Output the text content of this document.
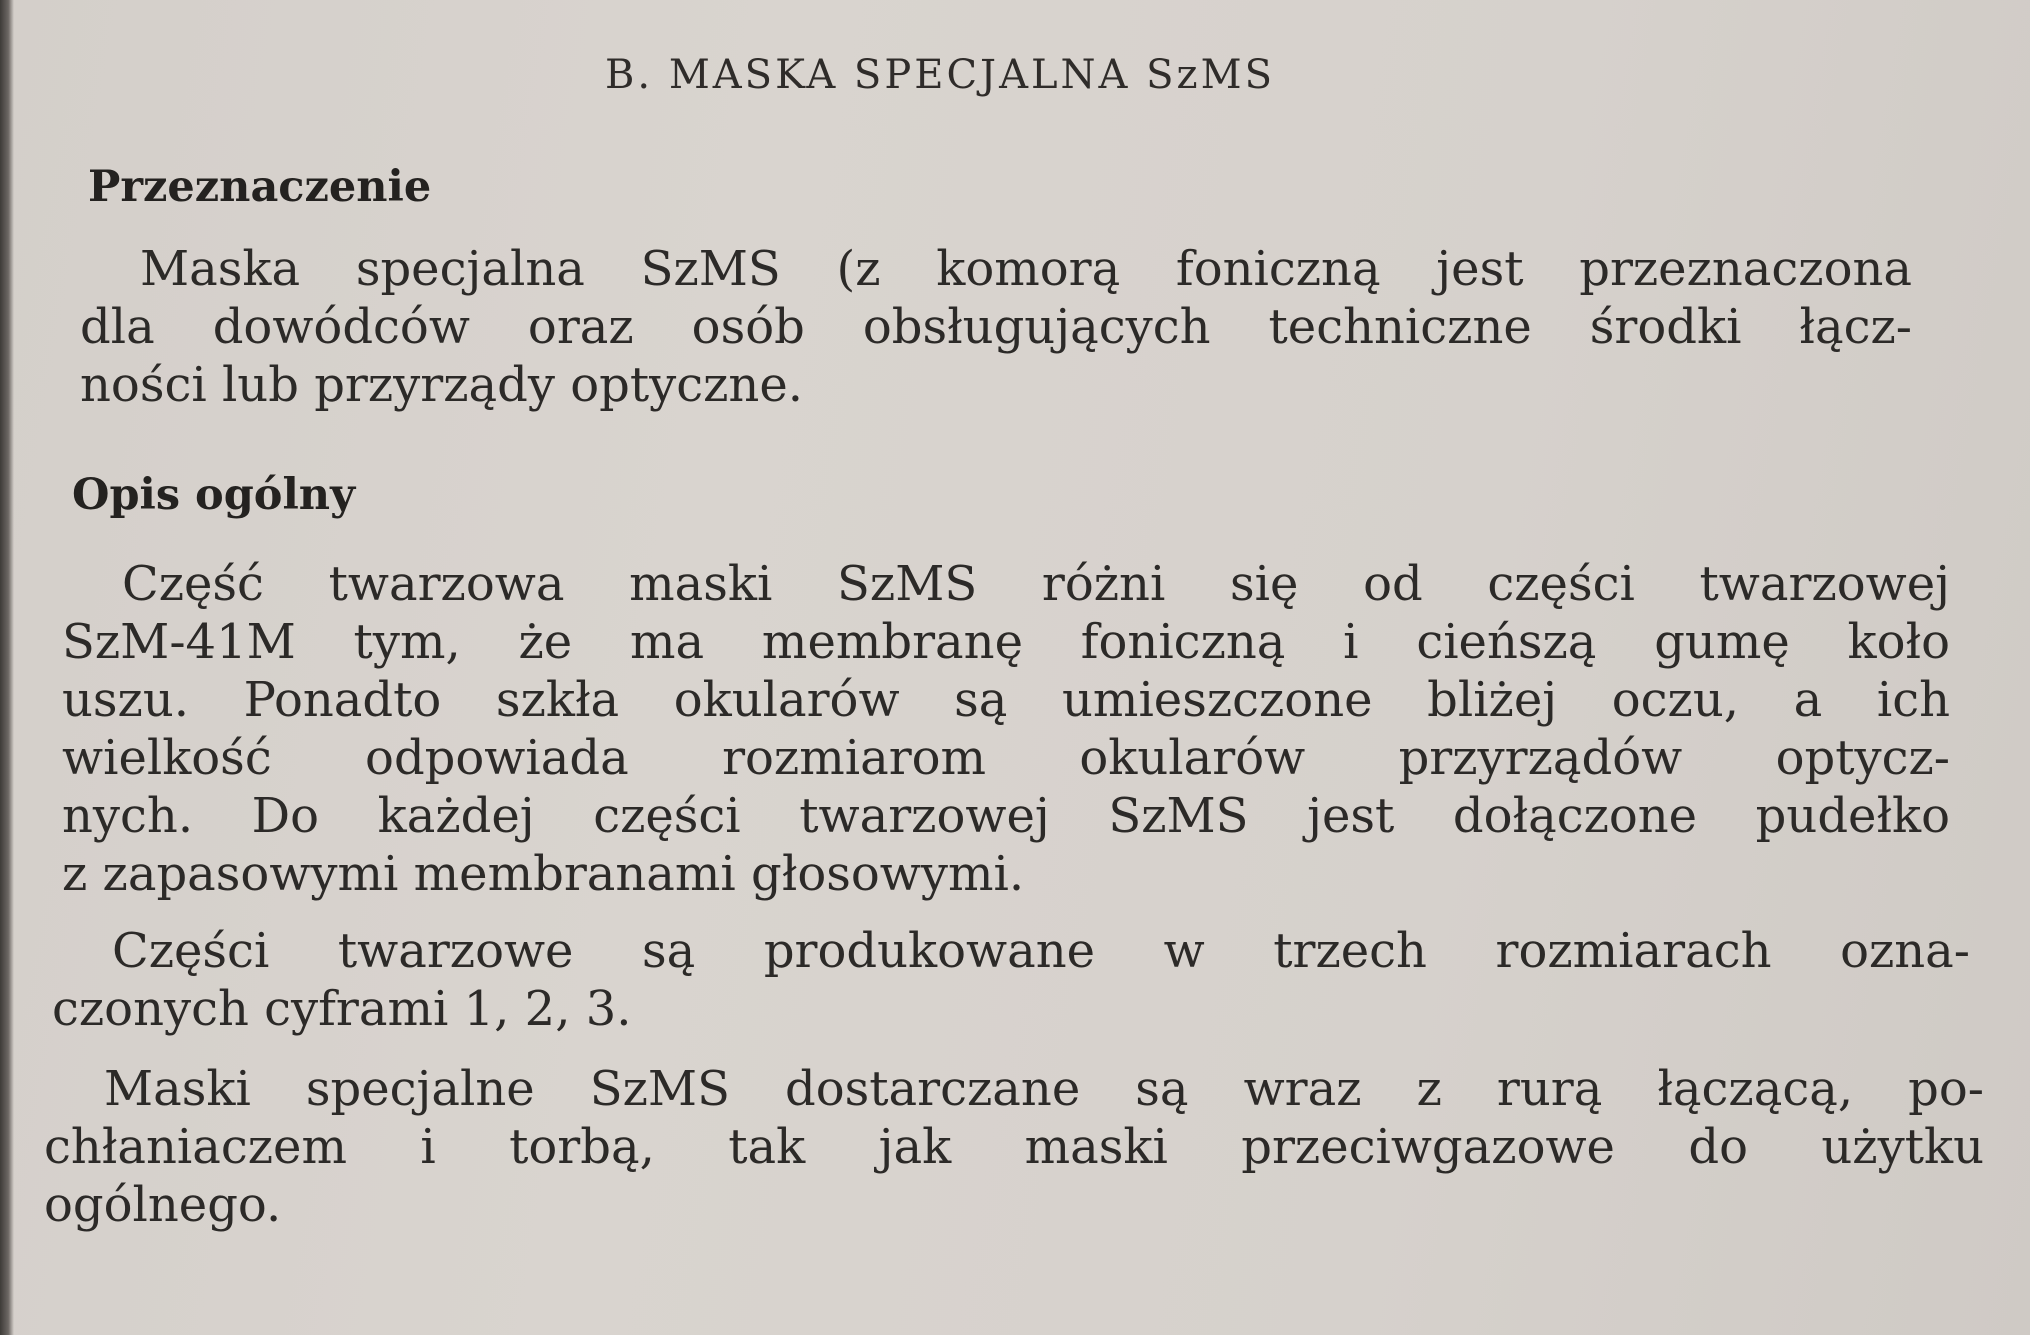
B. MASKA SPECJALNA SzMS
Przeznaczenie
Maska specjalna SzMS (z komorą foniczną jest przeznaczona
dla dowódców oraz osób obsługujących techniczne środki łącz-
ności lub przyrządy optyczne.
Opis ogólny
Część twarzowa maski SzMS różni się od części twarzowej
SzM-41M tym, że ma membranę foniczną i cieńszą gumę koło
uszu. Ponadto szkła okularów są umieszczone bliżej oczu, a ich
wielkość odpowiada rozmiarom okularów przyrządów optycz-
nych. Do każdej części twarzowej SzMS jest dołączone pudełko
z zapasowymi membranami głosowymi.
Części twarzowe są produkowane w trzech rozmiarach ozna-
czonych cyframi 1, 2, 3.
Maski specjalne SzMS dostarczane są wraz z rurą łączącą, po-
chłaniaczem i torbą, tak jak maski przeciwgazowe do użytku
ogólnego.
